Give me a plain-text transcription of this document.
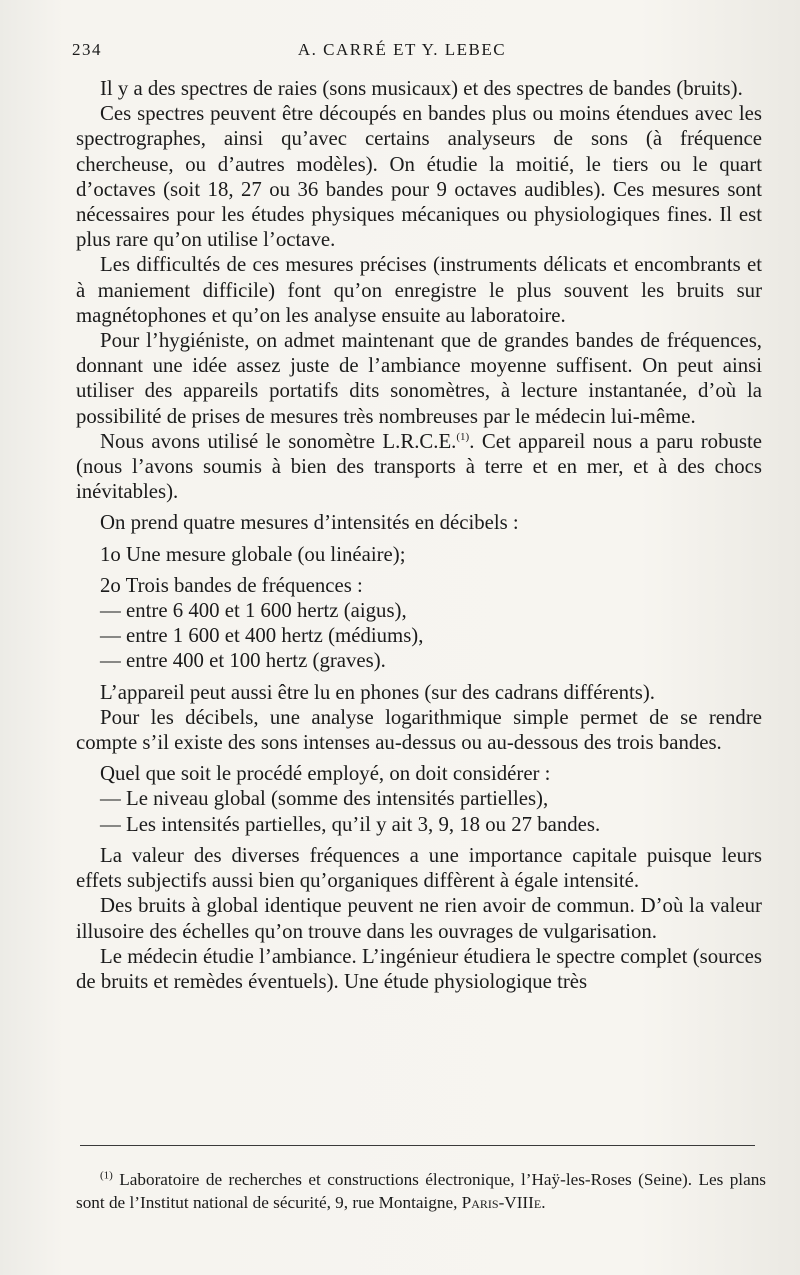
234	A. CARRÉ ET Y. LEBEC

Il y a des spectres de raies (sons musicaux) et des spectres de bandes (bruits).

Ces spectres peuvent être découpés en bandes plus ou moins étendues avec les spectrographes, ainsi qu’avec certains analyseurs de sons (à fréquence chercheuse, ou d’autres modèles). On étudie la moitié, le tiers ou le quart d’octaves (soit 18, 27 ou 36 bandes pour 9 octaves audibles). Ces mesures sont nécessaires pour les études physiques mécaniques ou physiologiques fines. Il est plus rare qu’on utilise l’octave.

Les difficultés de ces mesures précises (instruments délicats et encombrants et à maniement difficile) font qu’on enregistre le plus souvent les bruits sur magnétophones et qu’on les analyse ensuite au laboratoire.

Pour l’hygiéniste, on admet maintenant que de grandes bandes de fréquences, donnant une idée assez juste de l’ambiance moyenne suffisent. On peut ainsi utiliser des appareils portatifs dits sonomètres, à lecture instantanée, d’où la possibilité de prises de mesures très nombreuses par le médecin lui-même.

Nous avons utilisé le sonomètre L.R.C.E.$^{(1)}$. Cet appareil nous a paru robuste (nous l’avons soumis à bien des transports à terre et en mer, et à des chocs inévitables).

On prend quatre mesures d’intensités en décibels :

1o Une mesure globale (ou linéaire);

2o Trois bandes de fréquences :

— entre 6 400 et 1 600 hertz (aigus),

— entre 1 600 et 400 hertz (médiums),

— entre 400 et 100 hertz (graves).

L’appareil peut aussi être lu en phones (sur des cadrans différents).

Pour les décibels, une analyse logarithmique simple permet de se rendre compte s’il existe des sons intenses au-dessus ou au-dessous des trois bandes.

Quel que soit le procédé employé, on doit considérer :

— Le niveau global (somme des intensités partielles),

— Les intensités partielles, qu’il y ait 3, 9, 18 ou 27 bandes.

La valeur des diverses fréquences a une importance capitale puisque leurs effets subjectifs aussi bien qu’organiques diffèrent à égale intensité.

Des bruits à global identique peuvent ne rien avoir de commun. D’où la valeur illusoire des échelles qu’on trouve dans les ouvrages de vulgarisation.

Le médecin étudie l’ambiance. L’ingénieur étudiera le spectre complet (sources de bruits et remèdes éventuels). Une étude physiologique très

$^{(1)}$ Laboratoire de recherches et constructions électronique, l’Haÿ-les-Roses (Seine). Les plans sont de l’Institut national de sécurité, 9, rue Montaigne, Paris-VIIIe.
